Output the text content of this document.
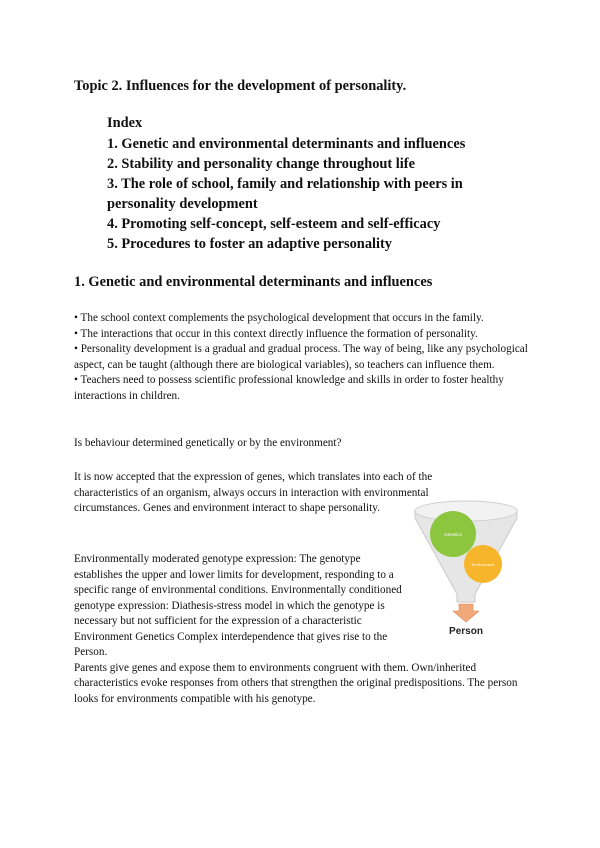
Topic 2. Influences for the development of personality.
Index
1. Genetic and environmental determinants and influences
2. Stability and personality change throughout life
3. The role of school, family and relationship with peers in personality development
4. Promoting self-concept, self-esteem and self-efficacy
5. Procedures to foster an adaptive personality
1. Genetic and environmental determinants and influences
• The school context complements the psychological development that occurs in the family.
• The interactions that occur in this context directly influence the formation of personality.
• Personality development is a gradual and gradual process. The way of being, like any psychological aspect, can be taught (although there are biological variables), so teachers can influence them.
• Teachers need to possess scientific professional knowledge and skills in order to foster healthy interactions in children.

Is behaviour determined genetically or by the environment?

It is now accepted that the expression of genes, which translates into each of the characteristics of an organism, always occurs in interaction with environmental circumstances. Genes and environment interact to shape personality.

Environmentally moderated genotype expression: The genotype establishes the upper and lower limits for development, responding to a specific range of environmental conditions. Environmentally conditioned genotype expression: Diathesis-stress model in which the genotype is necessary but not sufficient for the expression of a characteristic Environment Genetics Complex interdependence that gives rise to the Person.
Parents give genes and expose them to environments congruent with them. Own/inherited characteristics evoke responses from others that strengthen the original predispositions. The person looks for environments compatible with his genotype.

Genetics
Environment
Person
